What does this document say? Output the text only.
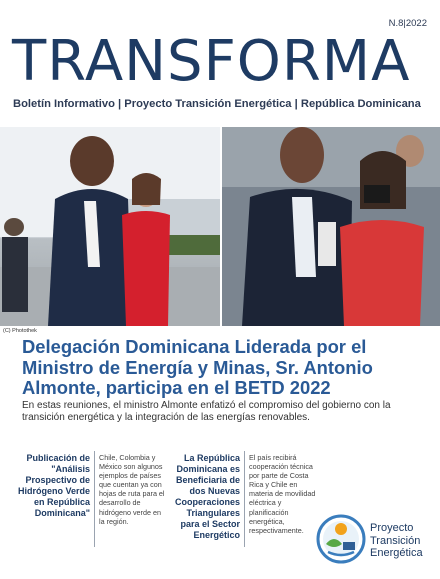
N.8|2022
TRANSFORMA
Boletín Informativo | Proyecto Transición Energética | República Dominicana
(C) Photothek
Delegación Dominicana Liderada por el Ministro de Energía y Minas, Sr. Antonio Almonte, participa en el BETD 2022
En estas reuniones, el ministro Almonte enfatizó el compromiso del gobierno con la transición energética y la integración de las energías renovables.
Publicación de "Análisis Prospectivo de Hidrógeno Verde en República Dominicana"
Chile, Colombia y México son algunos ejemplos de países que cuentan ya con hojas de ruta para el desarrollo de hidrógeno verde en la región.
La República Dominicana es Beneficiaria de dos Nuevas Cooperaciones Triangulares para el Sector Energético
El país recibirá cooperación técnica por parte de Costa Rica y Chile en materia de movilidad eléctrica y planificación energética, respectivamente.	Proyecto
Transición
Energética
